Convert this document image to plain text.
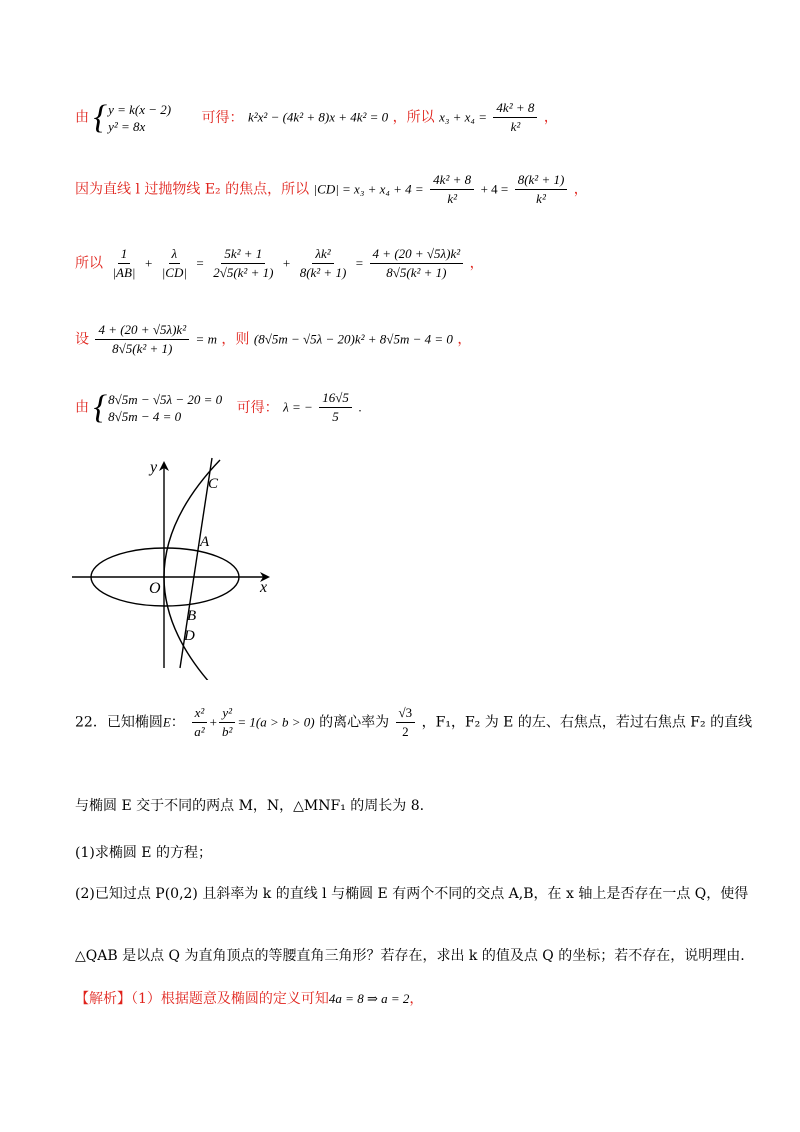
由 { y = k(x − 2)
y² = 8x
可得： k²x² − (4k² + 8)x + 4k² = 0 ，所以 $x_3 + x_4 = \frac{\text{4k² + 8}}{\text{k²}}$ ，
因为直线 l 过抛物线 E₂ 的焦点，所以 $|CD| = x_3 + x_4 + 4 = \frac{\text{4k² + 8}}{\text{k²}} + 4 = \frac{\text{8(k² + 1)}}{\text{k²}}$ ，
所以 $\frac{1}{|AB|} + \frac{\lambda}{|CD|} = \frac{\text{5k² + 1}}{\text{2√5(k² + 1)}} + \frac{\text{λk²}}{\text{8(k² + 1)}} = \frac{\text{4 + (20 + √5λ)k²}}{\text{8√5(k² + 1)}}$ ，
设 $\frac{\text{4 + (20 + √5λ)k²}}{\text{8√5(k² + 1)}} = m$ ，则 (8√5m − √5λ − 20)k² + 8√5m − 4 = 0 ，
由 { 8√5m − √5λ − 20 = 0
8√5m − 4 = 0
可得： λ = − $\frac{16√5}{5}$ .
y
x
O
C
A
B
D
22．已知椭圆E： $\frac{\text{x²}}{\text{a²}} + \frac{\text{y²}}{\text{b²}} = 1(a > b > 0)$ 的离心率为 $\frac{√3}{2}$ ，F₁，F₂ 为 E 的左、右焦点，若过右焦点 F₂ 的直线
与椭圆 E 交于不同的两点 M，N，△MNF₁ 的周长为 8.
(1)求椭圆 E 的方程；
(2)已知过点 P(0,2) 且斜率为 k 的直线 l 与椭圆 E 有两个不同的交点 A,B，在 x 轴上是否存在一点 Q，使得
△QAB 是以点 Q 为直角顶点的等腰直角三角形？若存在，求出 k 的值及点 Q 的坐标；若不存在，说明理由.
【解析】（1）根据题意及椭圆的定义可知4a = 8 ⇒ a = 2，
